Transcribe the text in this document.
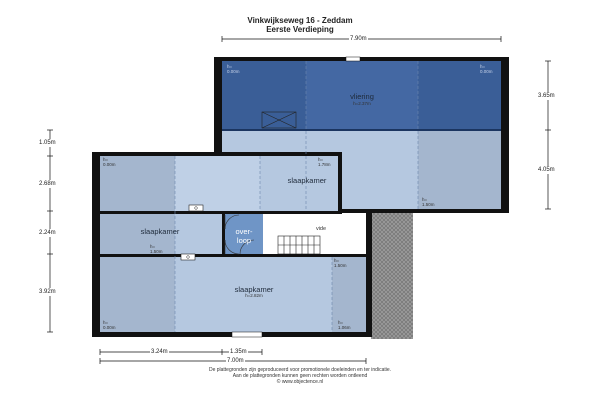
Vinkwijkseweg 16 - Zeddam
Eerste Verdieping
7.90m
3.65m
4.05m
1.05m
2.68m
2.24m
3.92m
3.24m	1.35m
7.00m
vliering
h=2.37m
slaapkamer
slaapkamer	over-
loop
vide
slaapkamer
h=2.82m
h=
0.00m
h=
0.00m
h=
0.00m
h=
1.78m
h=
1.50m
h=
1.50m
h=
1.50m
h=
0.00m
h=
1.06m
De plattegronden zijn geproduceerd voor promotionele doeleinden en ter indicatie.
Aan de plattegronden kunnen geen rechten worden ontleend
© www.objectence.nl
